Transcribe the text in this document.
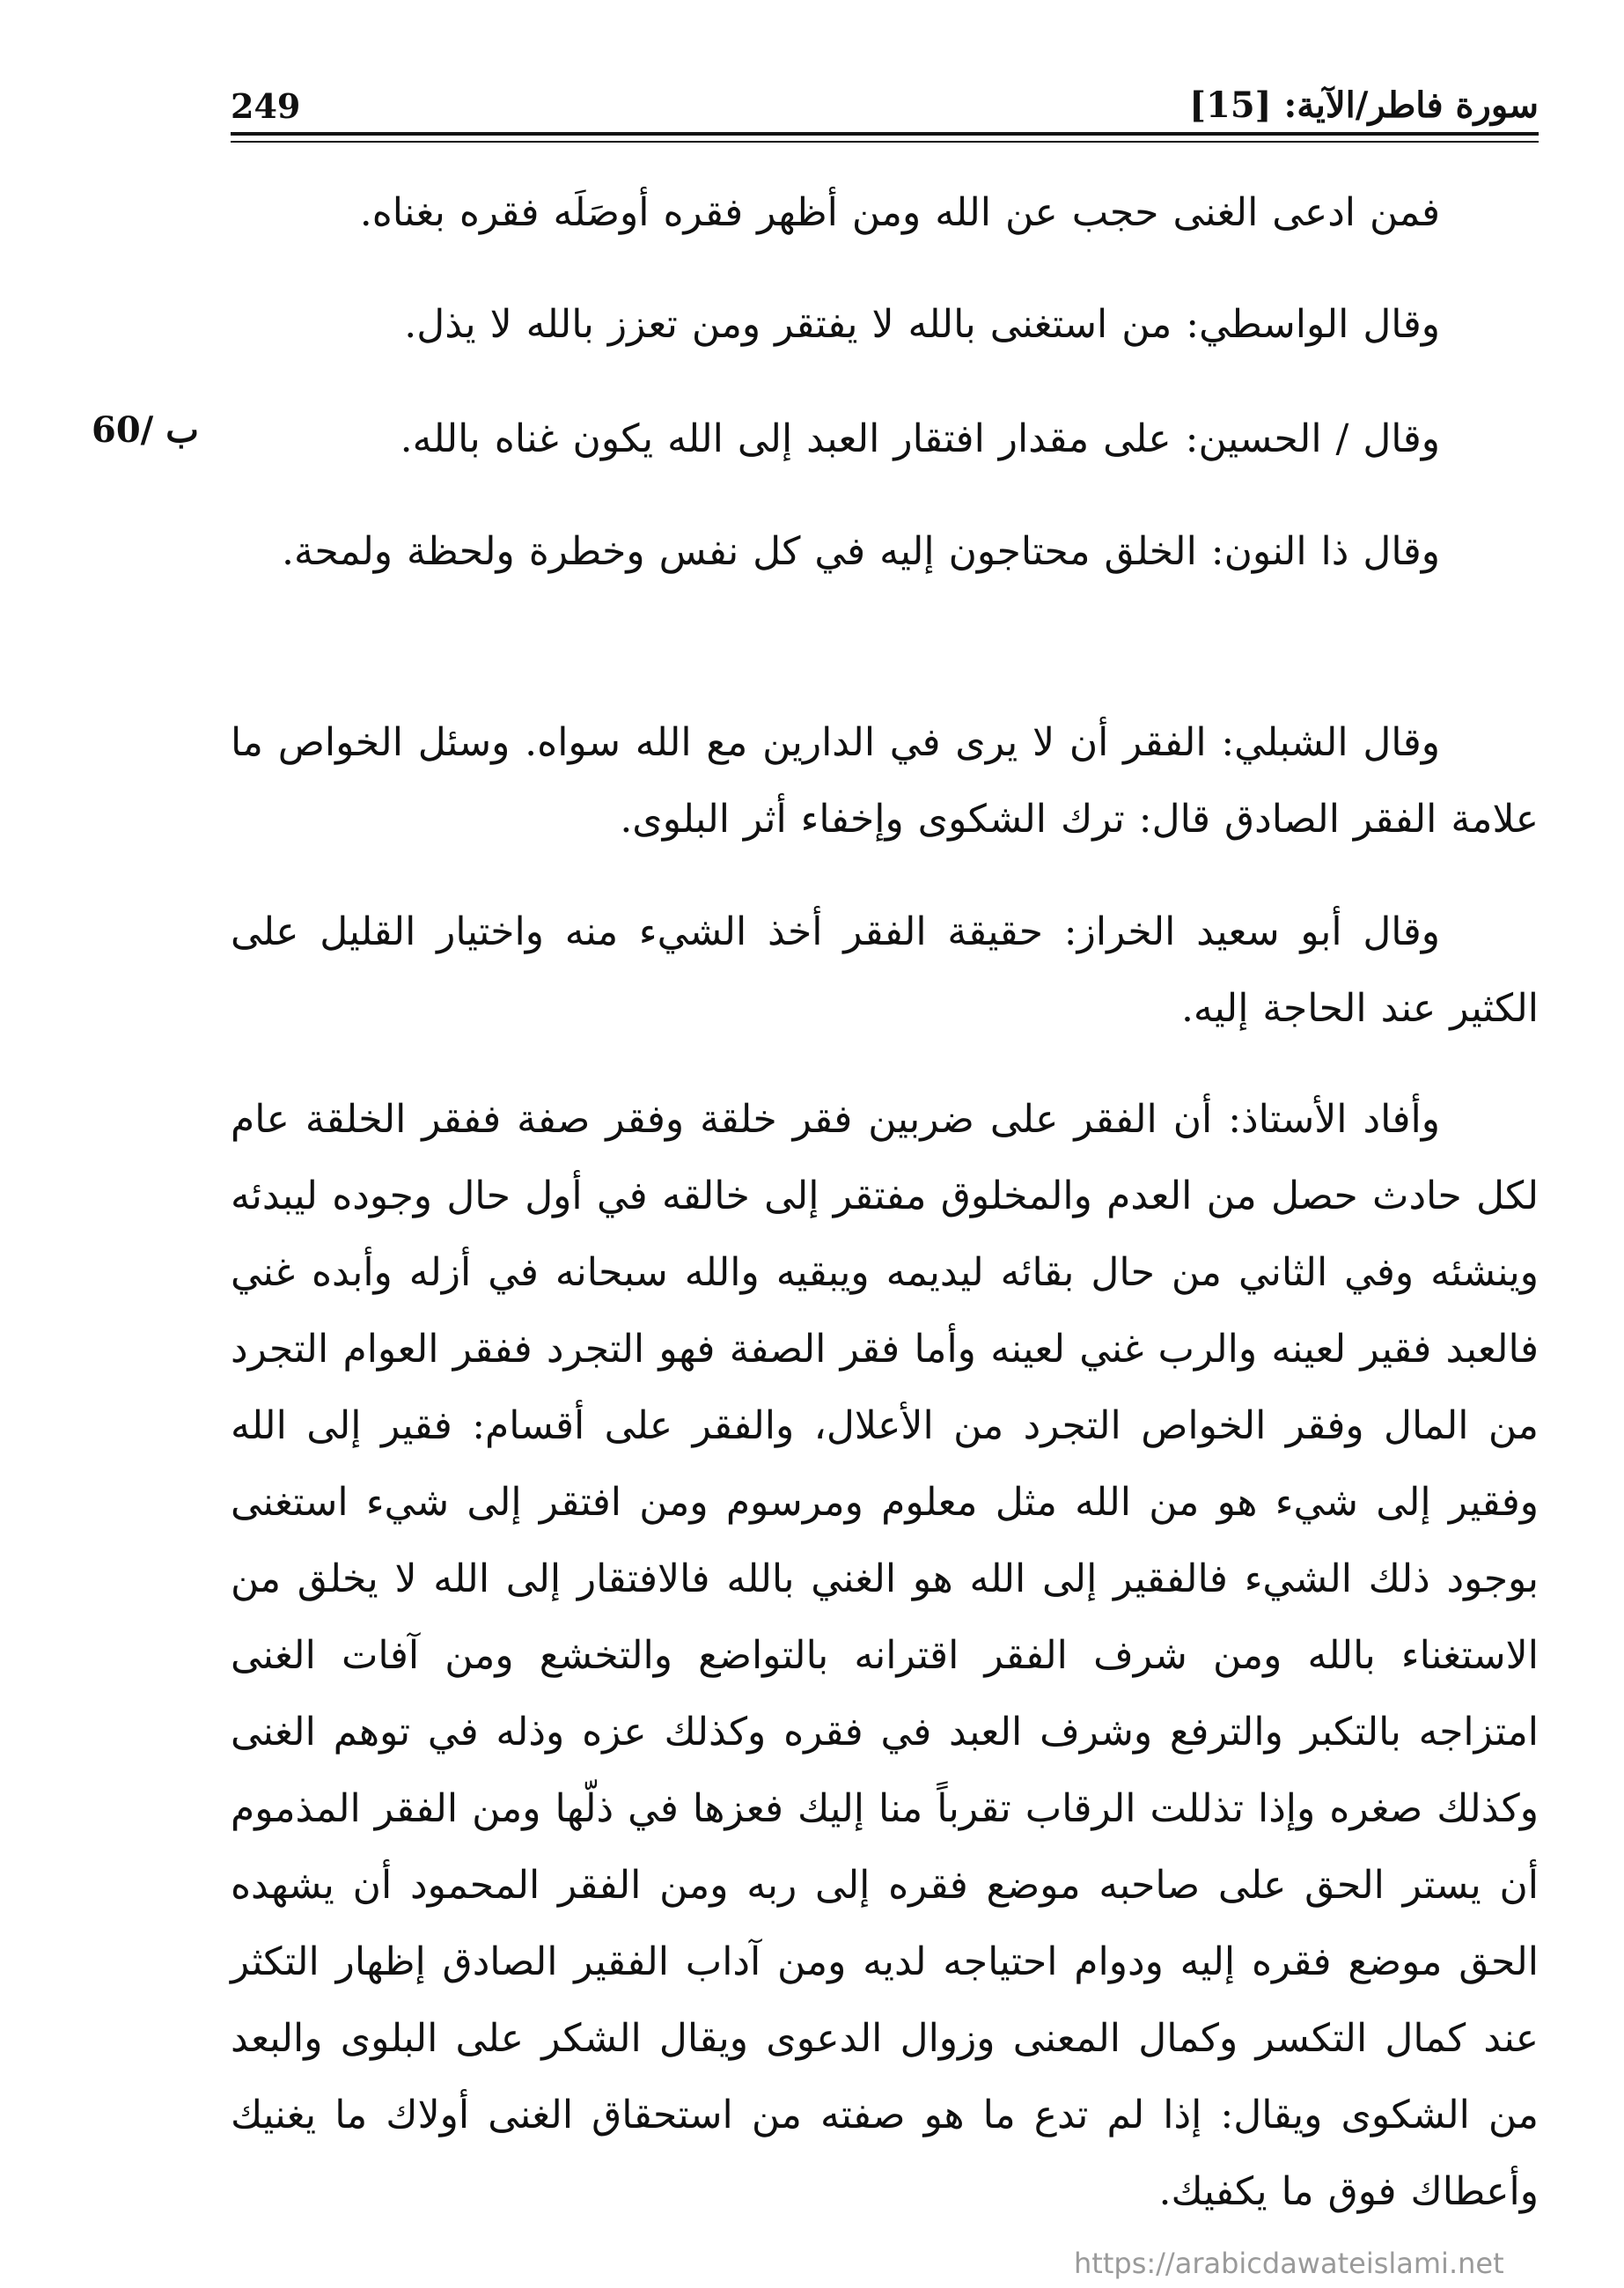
سورة فاطر/الآية: [15]
249
فمن ادعى الغنى حجب عن الله ومن أظهر فقره أوصَلَه فقره بغناه.
وقال الواسطي: من استغنى بالله لا يفتقر ومن تعزز بالله لا يذل.
وقال / الحسين: على مقدار افتقار العبد إلى الله يكون غناه بالله.
وقال ذا النون: الخلق محتاجون إليه في كل نفس وخطرة ولحظة ولمحة.
وقال الشبلي: الفقر أن لا يرى في الدارين مع الله سواه. وسئل الخواص ما علامة الفقر الصادق قال: ترك الشكوى وإخفاء أثر البلوى.
وقال أبو سعيد الخراز: حقيقة الفقر أخذ الشيء منه واختيار القليل على الكثير عند الحاجة إليه.
وأفاد الأستاذ: أن الفقر على ضربين فقر خلقة وفقر صفة ففقر الخلقة عام لكل حادث حصل من العدم والمخلوق مفتقر إلى خالقه في أول حال وجوده ليبدئه وينشئه وفي الثاني من حال بقائه ليديمه ويبقيه والله سبحانه في أزله وأبده غني فالعبد فقير لعينه والرب غني لعينه وأما فقر الصفة فهو التجرد ففقر العوام التجرد من المال وفقر الخواص التجرد من الأعلال، والفقر على أقسام: فقير إلى الله وفقير إلى شيء هو من الله مثل معلوم ومرسوم ومن افتقر إلى شيء استغنى بوجود ذلك الشيء فالفقير إلى الله هو الغني بالله فالافتقار إلى الله لا يخلق من الاستغناء بالله ومن شرف الفقر اقترانه بالتواضع والتخشع ومن آفات الغنى امتزاجه بالتكبر والترفع وشرف العبد في فقره وكذلك عزه وذله في توهم الغنى وكذلك صغره وإذا تذللت الرقاب تقرباً منا إليك فعزها في ذلّها ومن الفقر المذموم أن يستر الحق على صاحبه موضع فقره إلى ربه ومن الفقر المحمود أن يشهده الحق موضع فقره إليه ودوام احتياجه لديه ومن آداب الفقير الصادق إظهار التكثر عند كمال التكسر وكمال المعنى وزوال الدعوى ويقال الشكر على البلوى والبعد من الشكوى ويقال: إذا لم تدع ما هو صفته من استحقاق الغنى أولاك ما يغنيك وأعطاك فوق ما يكفيك.
60/ ب
https://arabicdawateislami.net
